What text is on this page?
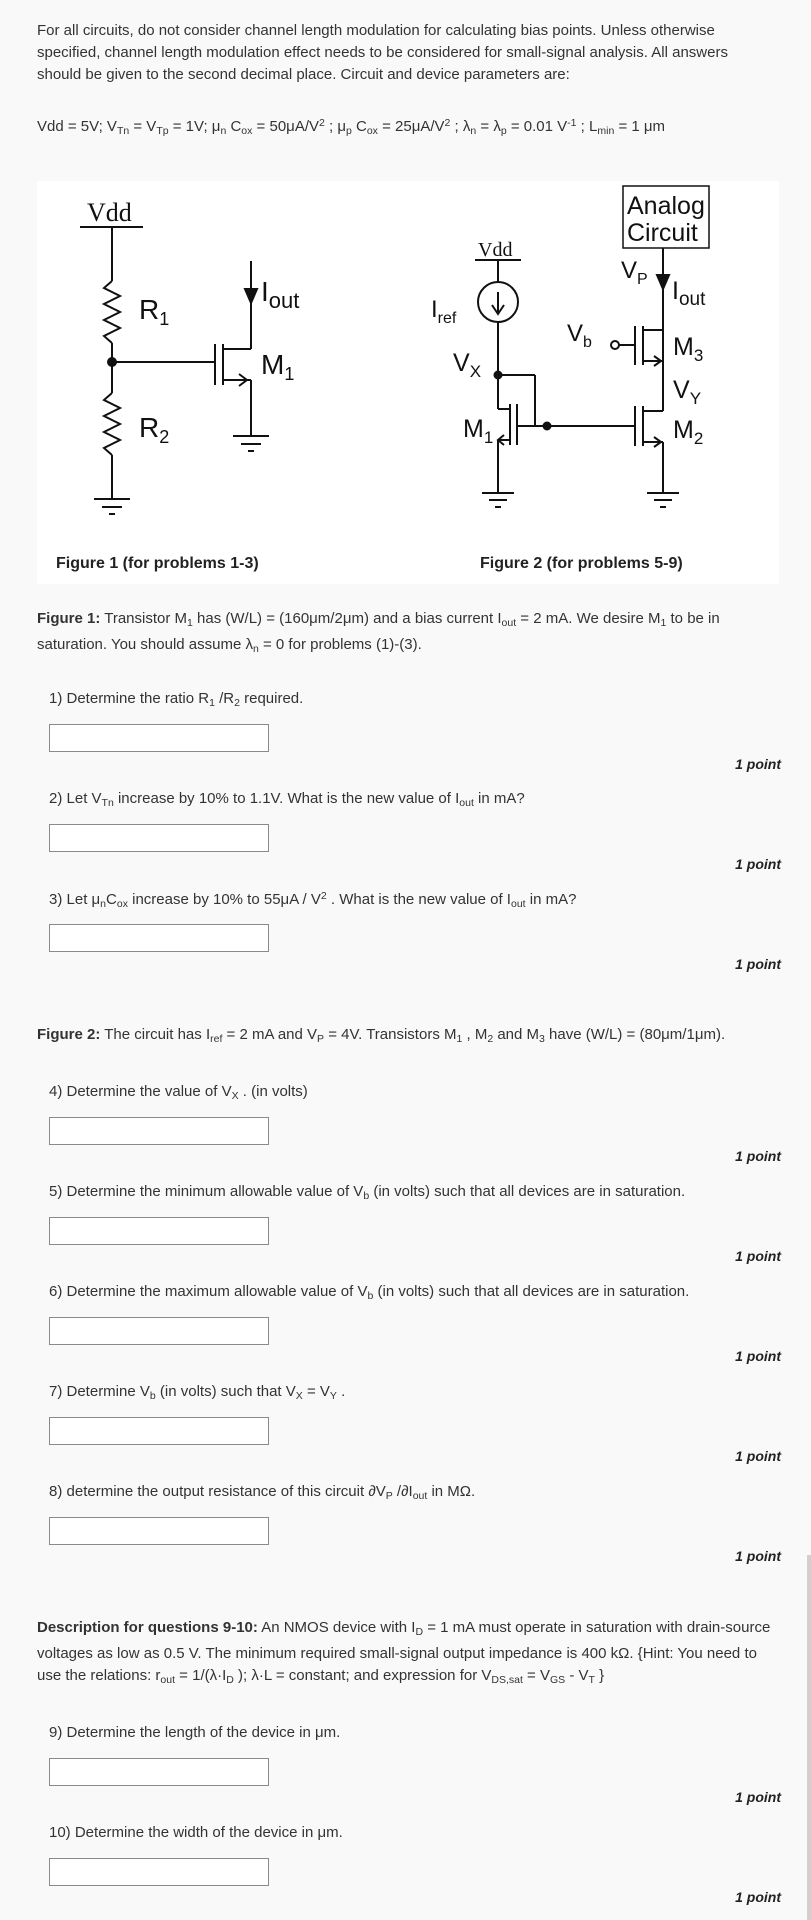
For all circuits, do not consider channel length modulation for calculating bias points. Unless otherwise
specified, channel length modulation effect needs to be considered for small-signal analysis. All answers
should be given to the second decimal place. Circuit and device parameters are:

Vdd = 5V; $V_{Tn} = V_{Tp} = 1V$; $\mu_n$ $C_{ox} = 50\mu A/V^2$ ; $\mu_p$ $C_{ox} = 25\mu A/V^2$ ; $\lambda_n = \lambda_p = 0.01$ $V^{-1}$ ; $L_{min} = 1$ μm

Vdd
$R_1$
$R_2$
$I_{out}$
$M_1$
Analog
Circuit
$V_P$ $I_{out}$
Vdd
$I_{ref}$
$V_X$
$M_1$
$V_b$	$M_3$
$V_Y$
$M_2$
Figure 1 (for problems 1-3)	Figure 2 (for problems 5-9)

Figure 1: Transistor $M_1$ has (W/L) = (160μm/2μm) and a bias current $I_{out} = 2$ mA. We desire $M_1$ to be in
saturation. You should assume $\lambda_n = 0$ for problems (1)-(3).

1) Determine the ratio $R_1$ $/R_2$ required.
1 point
2) Let $V_{Tn}$ increase by 10% to 1.1V. What is the new value of $I_{out}$ in mA?
1 point
3) Let $\mu_nC_{ox}$ increase by 10% to $55\mu A / V^2$ . What is the new value of $I_{out}$ in mA?
1 point

Figure 2: The circuit has $I_{ref} = 2$ mA and $V_P = 4V$. Transistors $M_1$ , $M_2$ and $M_3$ have (W/L) = (80μm/1μm).

4) Determine the value of $V_X$ . (in volts)
1 point
5) Determine the minimum allowable value of $V_b$ (in volts) such that all devices are in saturation.
1 point
6) Determine the maximum allowable value of $V_b$ (in volts) such that all devices are in saturation.
1 point
7) Determine $V_b$ (in volts) such that $V_X = V_Y$ .
1 point
8) determine the output resistance of this circuit $\partial V_P$ $/\partial I_{out}$ in MΩ.
1 point

Description for questions 9-10: An NMOS device with $I_D = 1$ mA must operate in saturation with drain-source
voltages as low as 0.5 V. The minimum required small-signal output impedance is 400 kΩ. {Hint: You need to
use the relations: $r_{out} = 1/(\lambda\cdot I_D$ ); λ·L = constant; and expression for $V_{DS,sat} = V_{GS} - V_T$ }

9) Determine the length of the device in μm.
1 point
10) Determine the width of the device in μm.
1 point
